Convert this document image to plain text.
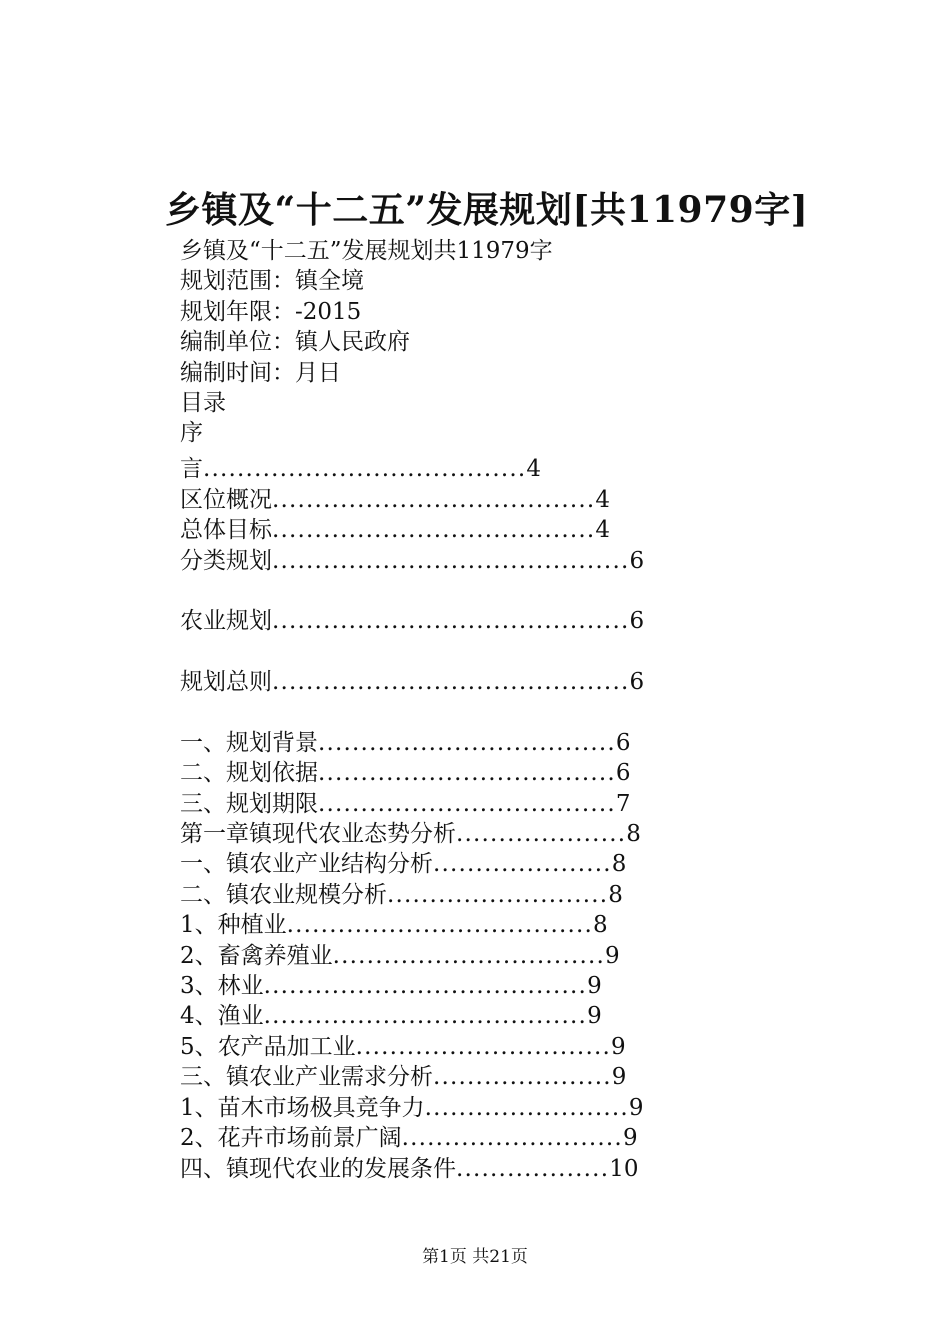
乡镇及“十二五”发展规划[共11979字]
乡镇及“十二五”发展规划共11979字
规划范围：镇全境
规划年限：-2015
编制单位：镇人民政府
编制时间：月日
目录
序
言......................................4
区位概况......................................4
总体目标......................................4
分类规划..........................................6
农业规划..........................................6
规划总则..........................................6
一、规划背景...................................6
二、规划依据...................................6
三、规划期限...................................7
第一章镇现代农业态势分析....................8
一、镇农业产业结构分析.....................8
二、镇农业规模分析..........................8
1、种植业....................................8
2、畜禽养殖业................................9
3、林业......................................9
4、渔业......................................9
5、农产品加工业..............................9
三、镇农业产业需求分析.....................9
1、苗木市场极具竞争力........................9
2、花卉市场前景广阔..........................9
四、镇现代农业的发展条件..................10
第1页 共21页
